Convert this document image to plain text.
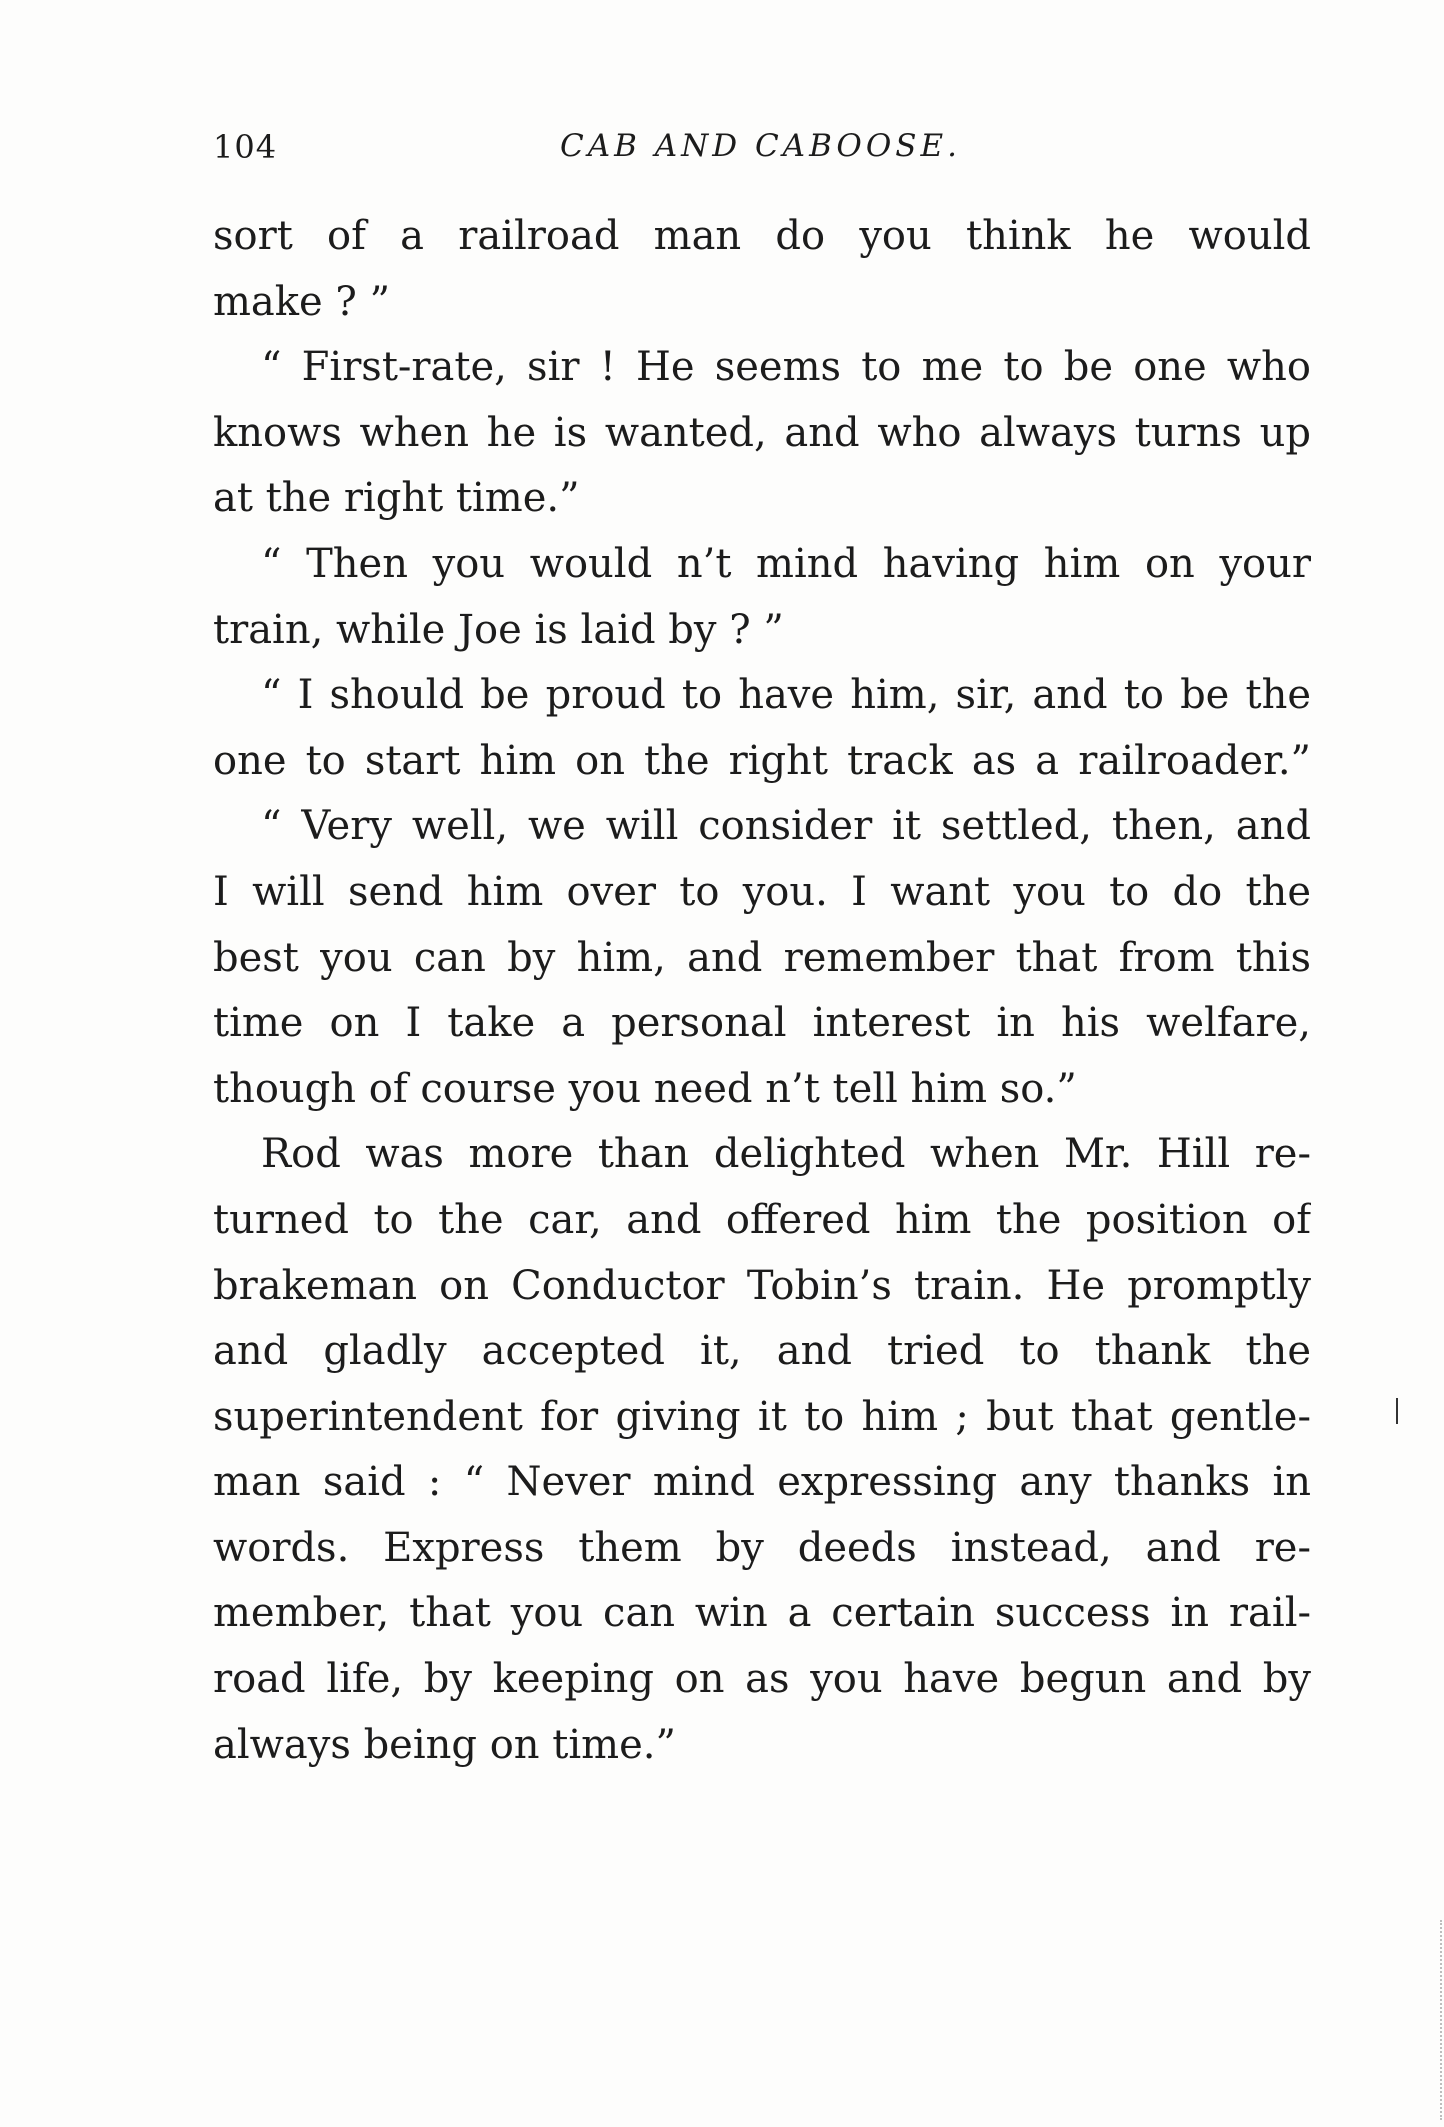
104	CAB AND CABOOSE.
sort of a railroad man do you think he would
make ? ”
“ First-rate, sir ! He seems to me to be one who
knows when he is wanted, and who always turns up
at the right time.”
“ Then you would n’t mind having him on your
train, while Joe is laid by ? ”
“ I should be proud to have him, sir, and to be the
one to start him on the right track as a railroader.”
“ Very well, we will consider it settled, then, and
I will send him over to you. I want you to do the
best you can by him, and remember that from this
time on I take a personal interest in his welfare,
though of course you need n’t tell him so.”
Rod was more than delighted when Mr. Hill re-
turned to the car, and offered him the position of
brakeman on Conductor Tobin’s train. He promptly
and gladly accepted it, and tried to thank the
superintendent for giving it to him ; but that gentle-
man said : “ Never mind expressing any thanks in
words. Express them by deeds instead, and re-
member, that you can win a certain success in rail-
road life, by keeping on as you have begun and by
always being on time.”
